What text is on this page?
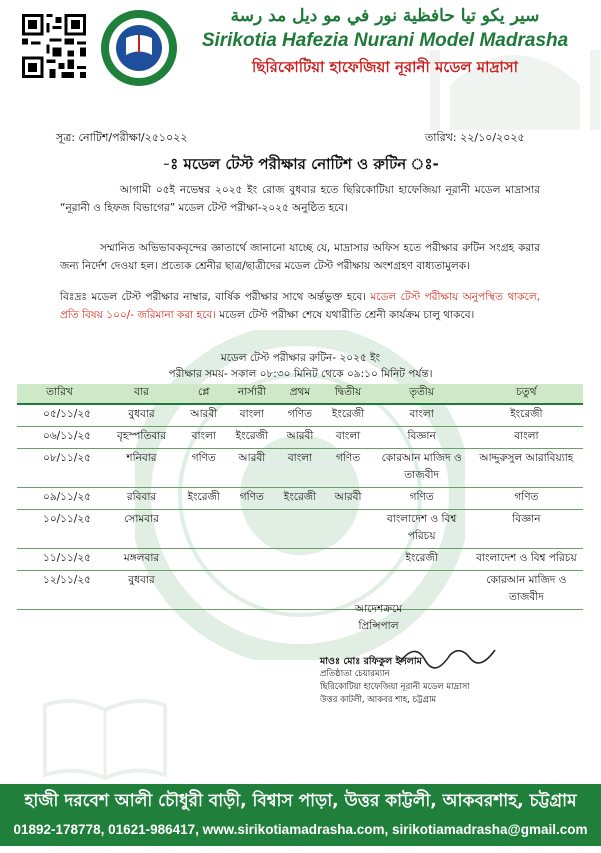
سير يكو تيا حافظية نور في مو ديل مد رسة
Sirikotia Hafezia Nurani Model Madrasha
ছিরিকোটিয়া হাফেজিয়া নূরানী মডেল মাদ্রাসা
সূত্র: নোটিশ/পরীক্ষা/২৫১০২২	তারিখ: ২২/১০/২০২৫
-ঃ মডেল টেস্ট পরীক্ষার নোটিশ ও রুটিন ঃ-
আগামী ০৫ই নভেম্বর ২০২৫ ইং রোজ বুধবার হতে ছিরিকোটিয়া হাফেজিয়া নূরানী মডেল মাদ্রাসার “নূরানী ও হিফজ বিভাগের” মডেল টেস্ট পরীক্ষা-২০২৫ অনুষ্ঠিত হবে।
সম্মানিত অভিভাবকবৃন্দের জ্ঞাতার্থে জানানো যাচ্ছে যে, মাদ্রাসার অফিস হতে পরীক্ষার রুটিন সংগ্রহ করার জন্য নির্দেশ দেওয়া হল। প্রত্যেক শ্রেনীর ছাত্র/ছাত্রীদের মডেল টেস্ট পরীক্ষায় অংশগ্রহণ বাধ্যতামুলক।
বিঃদ্রঃ মডেল টেস্ট পরীক্ষার নাম্বার, বার্ষিক পরীক্ষার সাথে অর্ন্তভুক্ত হবে। মডেল টেস্ট পরীক্ষায় অনুপস্থিত থাকলে, প্রতি বিষয় ১০০/- জরিমানা করা হবে। মডেল টেস্ট পরীক্ষা শেষে যথারীতি শ্রেনী কার্যক্রম চালু থাকবে।
মডেল টেস্ট পরীক্ষার রুটিন- ২০২৫ ইং
পরীক্ষার সময়- সকাল ০৮:৩০ মিনিট থেকে ০৯:১০ মিনিট পর্যন্ত।
তারিখ	বার	প্লে	নার্সারী	প্রথম	দ্বিতীয়	তৃতীয়	চতুর্থ
০৫/১১/২৫	বুধবার	আরবী	বাংলা	গণিত	ইংরেজী	বাংলা	ইংরেজী
০৬/১১/২৫	বৃহস্পতিবার	বাংলা	ইংরেজী	আরবী	বাংলা	বিজ্ঞান	বাংলা
০৮/১১/২৫	শনিবার	গণিত	আরবী	বাংলা	গণিত	কোরআন মাজিদ ও তাজবীদ	আদ্দুরুসুল আরাবিয়্যাহ
০৯/১১/২৫	রবিবার	ইংরেজী	গণিত	ইংরেজী	আরবী	গণিত	গণিত
১০/১১/২৫	সোমবার					বাংলাদেশ ও বিশ্ব পরিচয়	বিজ্ঞান
১১/১১/২৫	মঙ্গলবার					ইংরেজী	বাংলাদেশ ও বিশ্ব পরিচয়
১২/১১/২৫	বুধবার						কোরআন মাজিদ ও তাজবীদ
আদেশক্রমে
প্রিন্সিপাল
মাওঃ মোঃ রফিকুল ইসলাম
প্রতিষ্ঠাতা চেয়ারম্যান
ছিরিকোটিয়া হাফেজিয়া নূরানী মডেল মাদ্রাসা
উত্তর কাটলী, আকবর শাহ, চট্টগ্রাম
হাজী দরবেশ আলী চৌধুরী বাড়ী, বিশ্বাস পাড়া, উত্তর কাট্টলী, আকবরশাহ, চট্টগ্রাম
01892-178778, 01621-986417, www.sirikotiamadrasha.com, sirikotiamadrasha@gmail.com
